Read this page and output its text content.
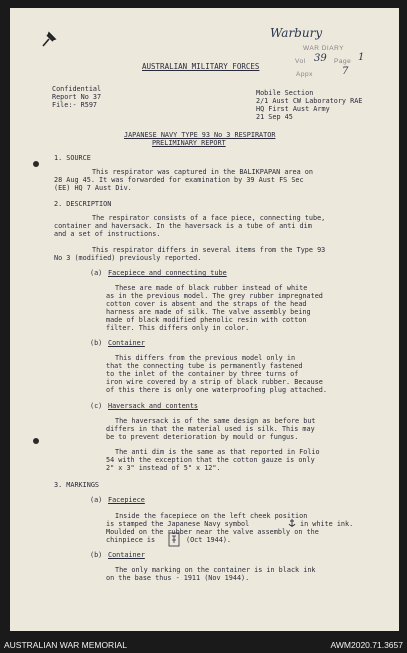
Warbury
WAR DIARY
Vol 39 Page 1
Appx	7
AUSTRALIAN MILITARY FORCES
Confidential
Report No 37
File:- R597
Mobile Section
2/1 Aust CW Laboratory RAE
HQ First Aust Army
21 Sep 45
JAPANESE NAVY TYPE 93 No 3 RESPIRATOR
PRELIMINARY REPORT
1. SOURCE
This respirator was captured in the BALIKPAPAN area on
28 Aug 45. It was forwarded for examination by 39 Aust FS Sec
(EE) HQ 7 Aust Div.
2. DESCRIPTION
The respirator consists of a face piece, connecting tube,
container and haversack. In the haversack is a tube of anti dim
and a set of instructions.
This respirator differs in several items from the Type 93
No 3 (modified) previously reported.
(a) Facepiece and connecting tube
These are made of black rubber instead of white
as in the previous model. The grey rubber impregnated
cotton cover is absent and the straps of the head
harness are made of silk. The valve assembly being
made of black modified phenolic resin with cotton
filter. This differs only in color.
(b) Container
This differs from the previous model only in
that the connecting tube is permanently fastened
to the inlet of the container by three turns of
iron wire covered by a strip of black rubber. Because
of this there is only one waterproofing plug attached.
(c) Haversack and contents
The haversack is of the same design as before but
differs in that the material used is silk. This may
be to prevent deterioration by mould or fungus.
The anti dim is the same as that reported in Folio
54 with the exception that the cotton gauze is only
2" x 3" instead of 5" x 12".
3. MARKINGS
(a) Facepiece
Inside the facepiece on the left cheek position
is stamped the Japanese Navy symbol	in white ink.
Moulded on the rubber near the valve assembly on the
chinpiece is	(Oct 1944).
(b) Container
The only marking on the container is in black ink
on the base thus - 1911 (Nov 1944).
AUSTRALIAN WAR MEMORIAL	AWM2020.71.3657
